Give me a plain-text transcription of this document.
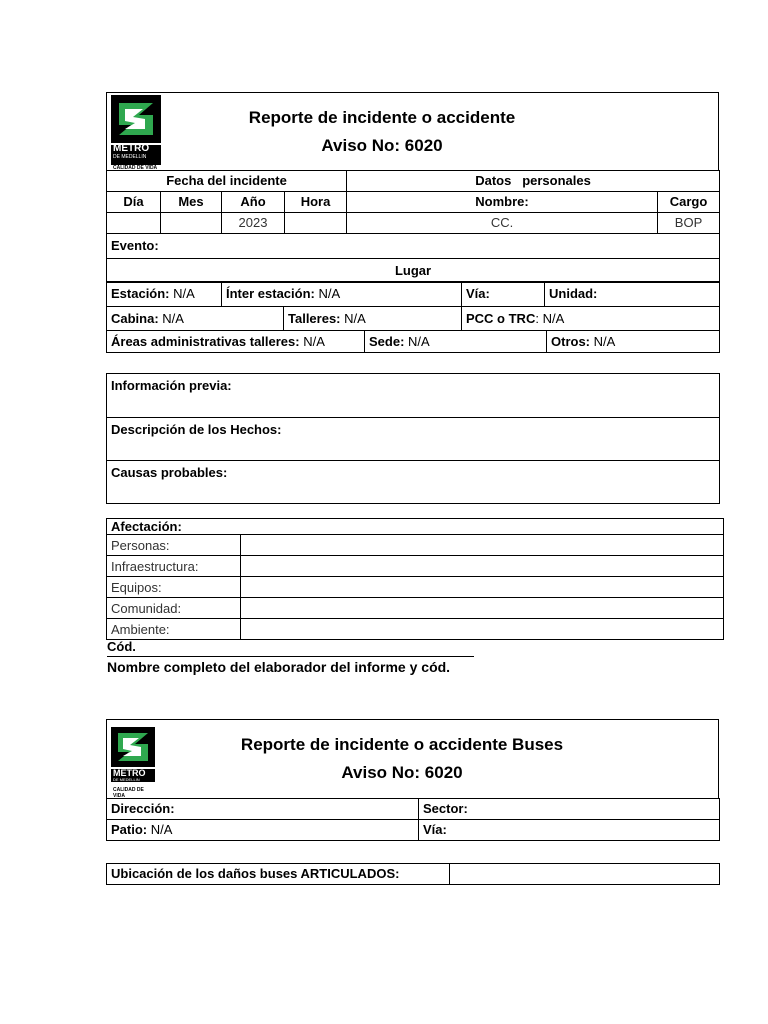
METRO
DE MEDELLIN
CALIDAD DE VIDA
Reporte de incidente o accidente
Aviso No: 6020
Fecha del incidente				Datos   personales	
Día	Mes	Año	Hora	Nombre:	Cargo
		2023		CC.	BOP
Evento:					
Lugar					
Estación: N/A	Ínter estación: N/A	Vía:	Unidad:
Cabina: N/A	Talleres: N/A	PCC o TRC: N/A
Áreas administrativas talleres: N/A	Sede: N/A	Otros: N/A
Información previa:
Descripción de los Hechos:
Causas probables:
Afectación:	
Personas:	
Infraestructura:	
Equipos:	
Comunidad:	
Ambiente:	
Cód.
Nombre completo del elaborador del informe y cód.
METRO
DE MEDELLIN
CALIDAD DE VIDA
Reporte de incidente o accidente Buses
Aviso No: 6020
Dirección:	Sector:
Patio: N/A	Vía:
Ubicación de los daños buses ARTICULADOS:	
